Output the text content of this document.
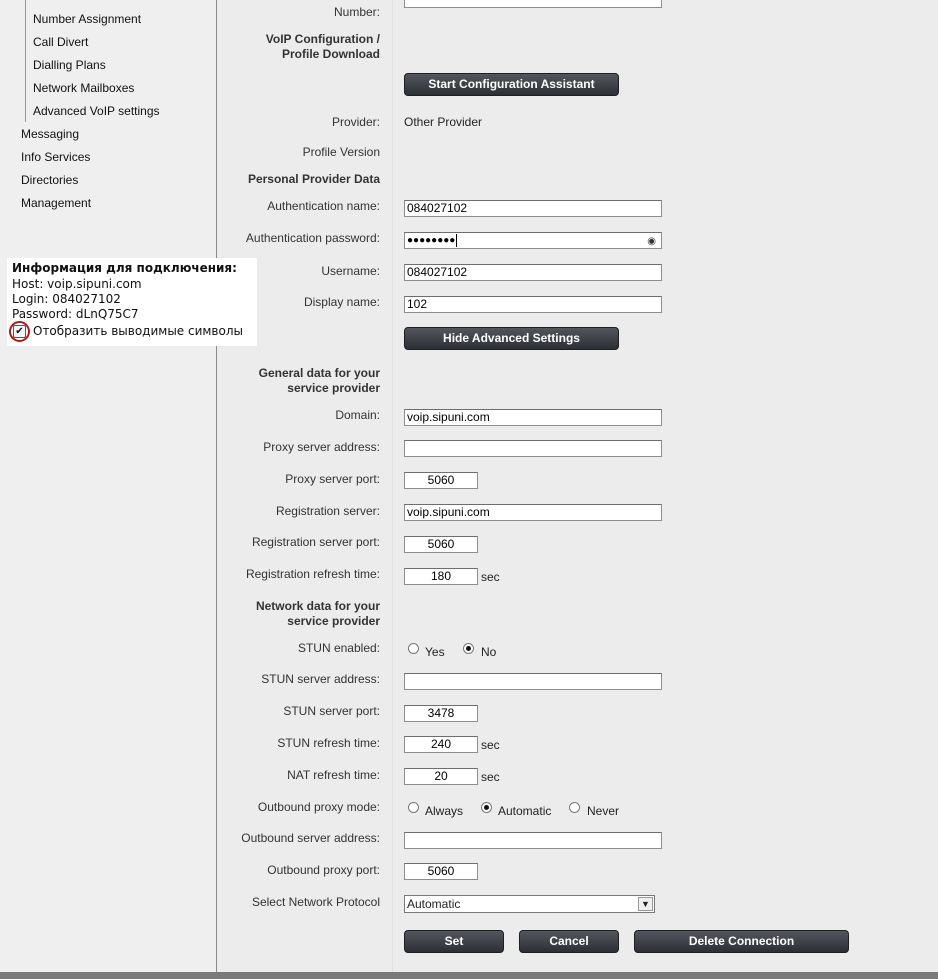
Number Assignment
Call Divert
Dialling Plans
Network Mailboxes
Advanced VoIP settings
Messaging
Info Services
Directories
Management
Number:
VoIP Configuration /
Profile Download
Start Configuration Assistant
Provider: Other Provider
Profile Version
Personal Provider Data
Authentication name: 084027102
Authentication password:	●●●●●●●●	◉
Username: 084027102
Display name: 102
Hide Advanced Settings
General data for your
service provider
Domain: voip.sipuni.com
Proxy server address:
Proxy server port:	5060
Registration server: voip.sipuni.com
Registration server port:	5060
Registration refresh time:	180	sec
Network data for your
service provider
STUN enabled:	Yes	No
STUN server address:
STUN server port:	3478
STUN refresh time:	240	sec
NAT refresh time:	20	sec
Outbound proxy mode:	Always	Automatic	Never
Outbound server address:
Outbound proxy port:	5060
Select Network Protocol Automatic	▼
Set	Cancel	Delete Connection
Информация для подключения:
Host: voip.sipuni.com
Login: 084027102
Password: dLnQ75C7
✔ Отобразить выводимые символы
